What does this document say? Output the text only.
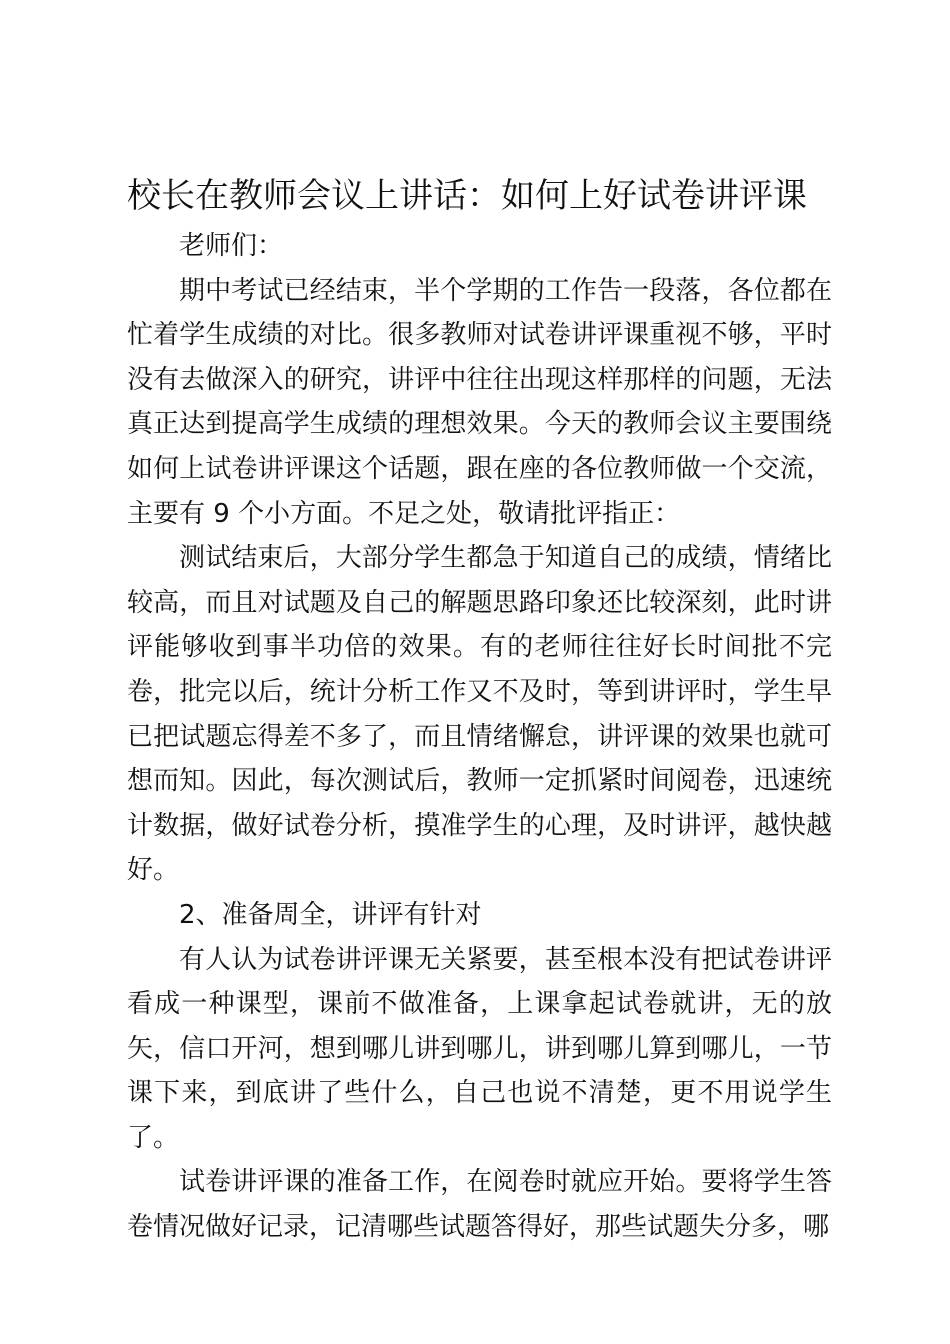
校长在教师会议上讲话：如何上好试卷讲评课

老师们：

期中考试已经结束，半个学期的工作告一段落，各位都在忙着学生成绩的对比。很多教师对试卷讲评课重视不够，平时没有去做深入的研究，讲评中往往出现这样那样的问题，无法真正达到提高学生成绩的理想效果。今天的教师会议主要围绕如何上试卷讲评课这个话题，跟在座的各位教师做一个交流，主要有 9 个小方面。不足之处，敬请批评指正：

测试结束后，大部分学生都急于知道自己的成绩，情绪比较高，而且对试题及自己的解题思路印象还比较深刻，此时讲评能够收到事半功倍的效果。有的老师往往好长时间批不完卷，批完以后，统计分析工作又不及时，等到讲评时，学生早已把试题忘得差不多了，而且情绪懈怠，讲评课的效果也就可想而知。因此，每次测试后，教师一定抓紧时间阅卷，迅速统计数据，做好试卷分析，摸准学生的心理，及时讲评，越快越好。

2、准备周全，讲评有针对

有人认为试卷讲评课无关紧要，甚至根本没有把试卷讲评看成一种课型，课前不做准备，上课拿起试卷就讲，无的放矢，信口开河，想到哪儿讲到哪儿，讲到哪儿算到哪儿，一节课下来，到底讲了些什么，自己也说不清楚，更不用说学生了。

试卷讲评课的准备工作，在阅卷时就应开始。要将学生答卷情况做好记录，记清哪些试题答得好，那些试题失分多，哪
